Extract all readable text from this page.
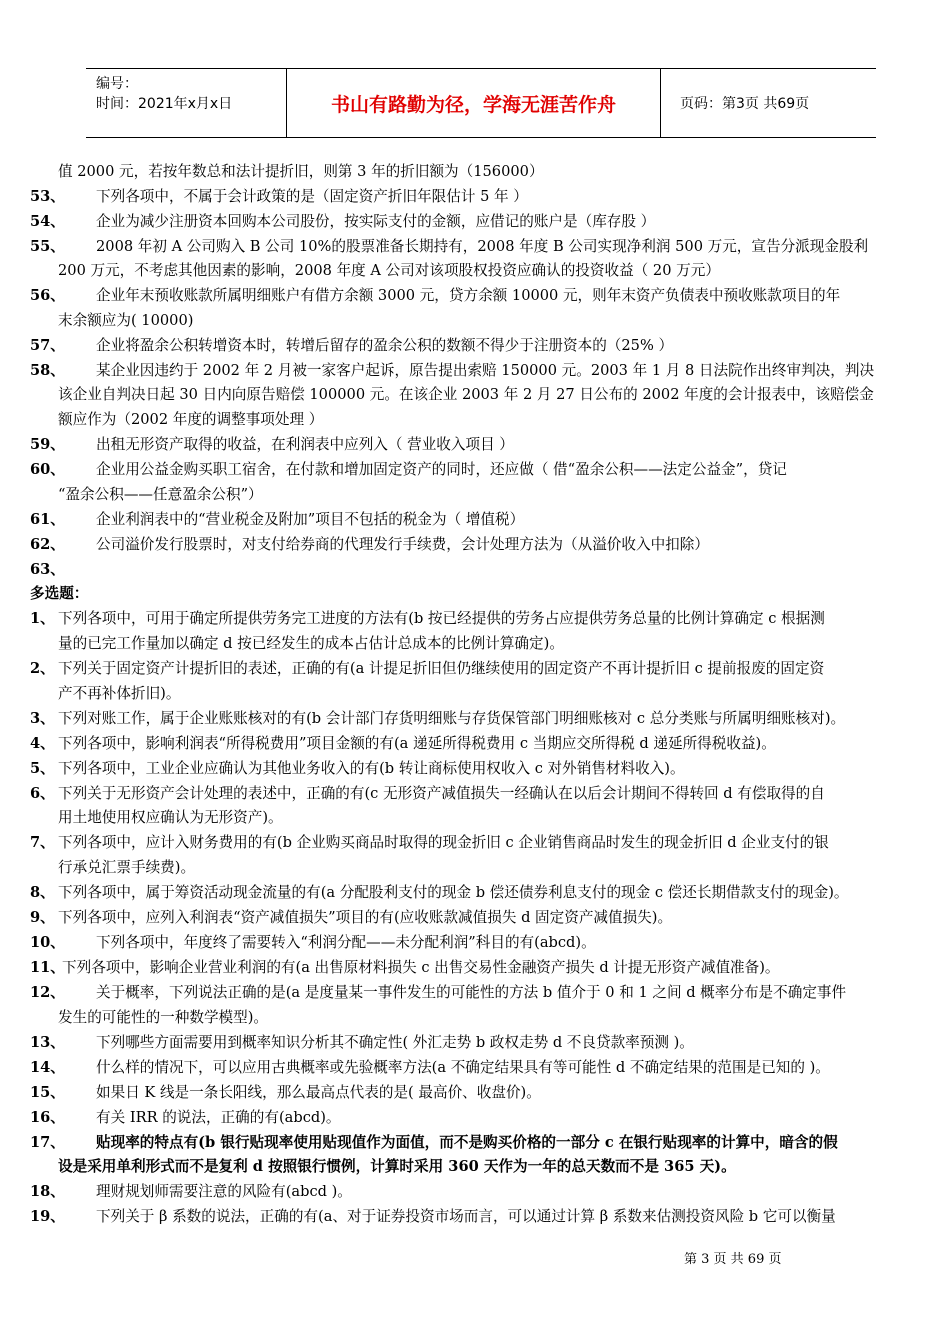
编号：
时间：2021年x月x日	书山有路勤为径，学海无涯苦作舟	页码：第3页 共69页
值 2000 元，若按年数总和法计提折旧，则第 3 年的折旧额为（156000）
53、 下列各项中，不属于会计政策的是（固定资产折旧年限估计 5 年 ）
54、 企业为减少注册资本回购本公司股份，按实际支付的金额，应借记的账户是（库存股 ）
55、 2008 年初 A 公司购入 B 公司 10%的股票准备长期持有，2008 年度 B 公司实现净利润 500 万元，宣告分派现金股利
200 万元，不考虑其他因素的影响，2008 年度 A 公司对该项股权投资应确认的投资收益（ 20 万元）
56、 企业年末预收账款所属明细账户有借方余额 3000 元，贷方余额 10000 元，则年末资产负债表中预收账款项目的年
末余额应为( 10000)
57、 企业将盈余公积转增资本时，转增后留存的盈余公积的数额不得少于注册资本的（25% ）
58、 某企业因违约于 2002 年 2 月被一家客户起诉，原告提出索赔 150000 元。2003 年 1 月 8 日法院作出终审判决，判决
该企业自判决日起 30 日内向原告赔偿 100000 元。在该企业 2003 年 2 月 27 日公布的 2002 年度的会计报表中，该赔偿金
额应作为（2002 年度的调整事项处理 ）
59、 出租无形资产取得的收益，在利润表中应列入（ 营业收入项目 ）
60、 企业用公益金购买职工宿舍，在付款和增加固定资产的同时，还应做（ 借“盈余公积——法定公益金”，贷记
“盈余公积——任意盈余公积”）
61、 企业利润表中的“营业税金及附加”项目不包括的税金为（ 增值税）
62、 公司溢价发行股票时，对支付给券商的代理发行手续费，会计处理方法为（从溢价收入中扣除）
63、
多选题：
1、 下列各项中，可用于确定所提供劳务完工进度的方法有(b 按已经提供的劳务占应提供劳务总量的比例计算确定 c 根据测
量的已完工作量加以确定 d 按已经发生的成本占估计总成本的比例计算确定)。
2、 下列关于固定资产计提折旧的表述，正确的有(a 计提足折旧但仍继续使用的固定资产不再计提折旧 c 提前报废的固定资
产不再补体折旧)。
3、 下列对账工作，属于企业账账核对的有(b 会计部门存货明细账与存货保管部门明细账核对 c 总分类账与所属明细账核对)。
4、 下列各项中，影响利润表“所得税费用”项目金额的有(a 递延所得税费用 c 当期应交所得税 d 递延所得税收益)。
5、 下列各项中，工业企业应确认为其他业务收入的有(b 转让商标使用权收入 c 对外销售材料收入)。
6、 下列关于无形资产会计处理的表述中，正确的有(c 无形资产减值损失一经确认在以后会计期间不得转回 d 有偿取得的自
用土地使用权应确认为无形资产)。
7、 下列各项中，应计入财务费用的有(b 企业购买商品时取得的现金折旧 c 企业销售商品时发生的现金折旧 d 企业支付的银
行承兑汇票手续费)。
8、 下列各项中，属于筹资活动现金流量的有(a 分配股利支付的现金 b 偿还债券利息支付的现金 c 偿还长期借款支付的现金)。
9、 下列各项中，应列入利润表“资产减值损失”项目的有(应收账款减值损失 d 固定资产减值损失)。
10、 下列各项中，年度终了需要转入“利润分配——未分配利润”科目的有(abcd)。
11、
下列各项中，影响企业营业利润的有(a 出售原材料损失 c 出售交易性金融资产损失 d 计提无形资产减值准备)。
12、 关于概率，下列说法正确的是(a 是度量某一事件发生的可能性的方法 b 值介于 0 和 1 之间 d 概率分布是不确定事件
发生的可能性的一种数学模型)。
13、 下列哪些方面需要用到概率知识分析其不确定性( 外汇走势 b 政权走势 d 不良贷款率预测 )。
14、 什么样的情况下，可以应用古典概率或先验概率方法(a 不确定结果具有等可能性 d 不确定结果的范围是已知的 )。
15、 如果日 K 线是一条长阳线，那么最高点代表的是( 最高价、收盘价)。
16、 有关 IRR 的说法，正确的有(abcd)。
17、 贴现率的特点有(b 银行贴现率使用贴现值作为面值，而不是购买价格的一部分 c 在银行贴现率的计算中，暗含的假
设是采用单利形式而不是复利 d 按照银行惯例，计算时采用 360 天作为一年的总天数而不是 365 天)。
18、 理财规划师需要注意的风险有(abcd )。
19、 下列关于 β 系数的说法，正确的有(a、对于证券投资市场而言，可以通过计算 β 系数来估测投资风险 b 它可以衡量
第 3 页 共 69 页
